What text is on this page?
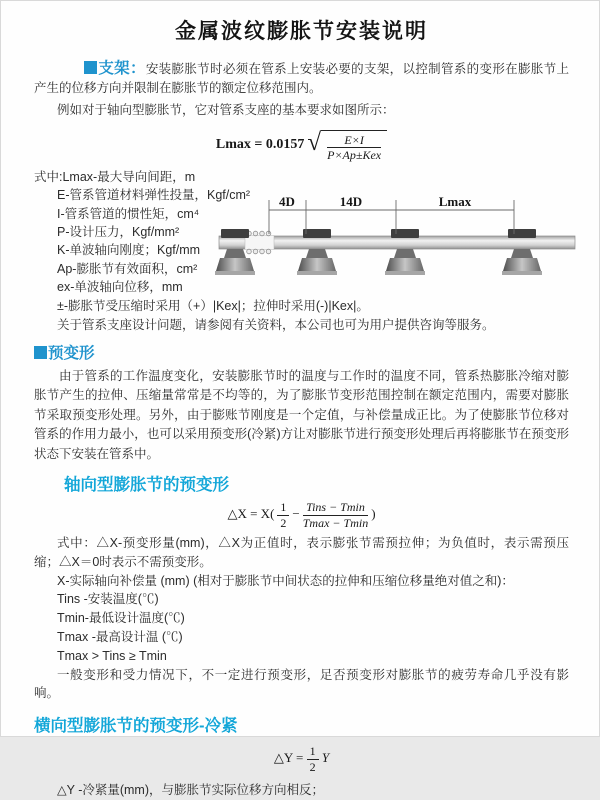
金属波纹膨胀节安装说明

支架：安装膨胀节时必须在管系上安装必要的支架，以控制管系的变形在膨胀节上产生的位移方向并限制在膨胀节的额定位移范围内。

例如对于轴向型膨胀节，它对管系支座的基本要求如图所示：

Lmax = 0.0157 √ $\frac{E\times I}{\text{P×Ap±Kex}}$

式中:Lmax-最大导向间距，m

E-管系管道材料弹性投量，Kgf/cm²

I-管系管道的惯性矩，cm⁴

P-设计压力，Kgf/mm²

K-单波轴向刚度；Kgf/mm

Ap-膨胀节有效面积，cm²

ex-单波轴向位移，mm

4D	14D	Lmax

±-膨胀节受压缩时采用（+）|Kex|；拉伸时采用(-)|Kex|。

关于管系支座设计问题，请参阅有关资料，本公司也可为用户提供咨询等服务。

预变形

由于管系的工作温度变化，安装膨胀节时的温度与工作时的温度不同，管系热膨胀冷缩对膨胀节产生的拉伸、压缩量常常是不均等的，为了膨胀节变形范围控制在额定范围内，需要对膨胀节采取预变形处理。另外，由于膨账节刚度是一个定值，与补偿量成正比。为了使膨胀节位移对管系的作用力最小，也可以采用预变形(冷紧)方让对膨胀节进行预变形处理后再将膨胀节在预变形状态下安装在管系中。

轴向型膨胀节的预变形
△X = $X( \frac{1}{2} - \frac{\text{Tins − Tmin}}{Tmax - Tmin}$ )

式中：△X-预变形量(mm)，△X为正值时，表示膨张节需预拉伸；为负值时，表示需预压缩；△X＝0时表示不需预变形。

X-实际轴向补偿量 (mm) (相对于膨胀节中间状态的拉伸和压缩位移量绝对值之和)：

Tins -安装温度(℃)

Tmin-最低设计温度(℃)

Tmax -最高设计温 (℃)

Tmax > Tins ≥ Tmin

一般变形和受力情况下，不一定进行预变形，足否预变形对膨胀节的疲劳寿命几乎没有影响。

横向型膨胀节的预变形-冷紧
△Y = $\frac{1}{2}$ Y

△Y -冷紧量(mm)，与膨胀节实际位移方向相反；
